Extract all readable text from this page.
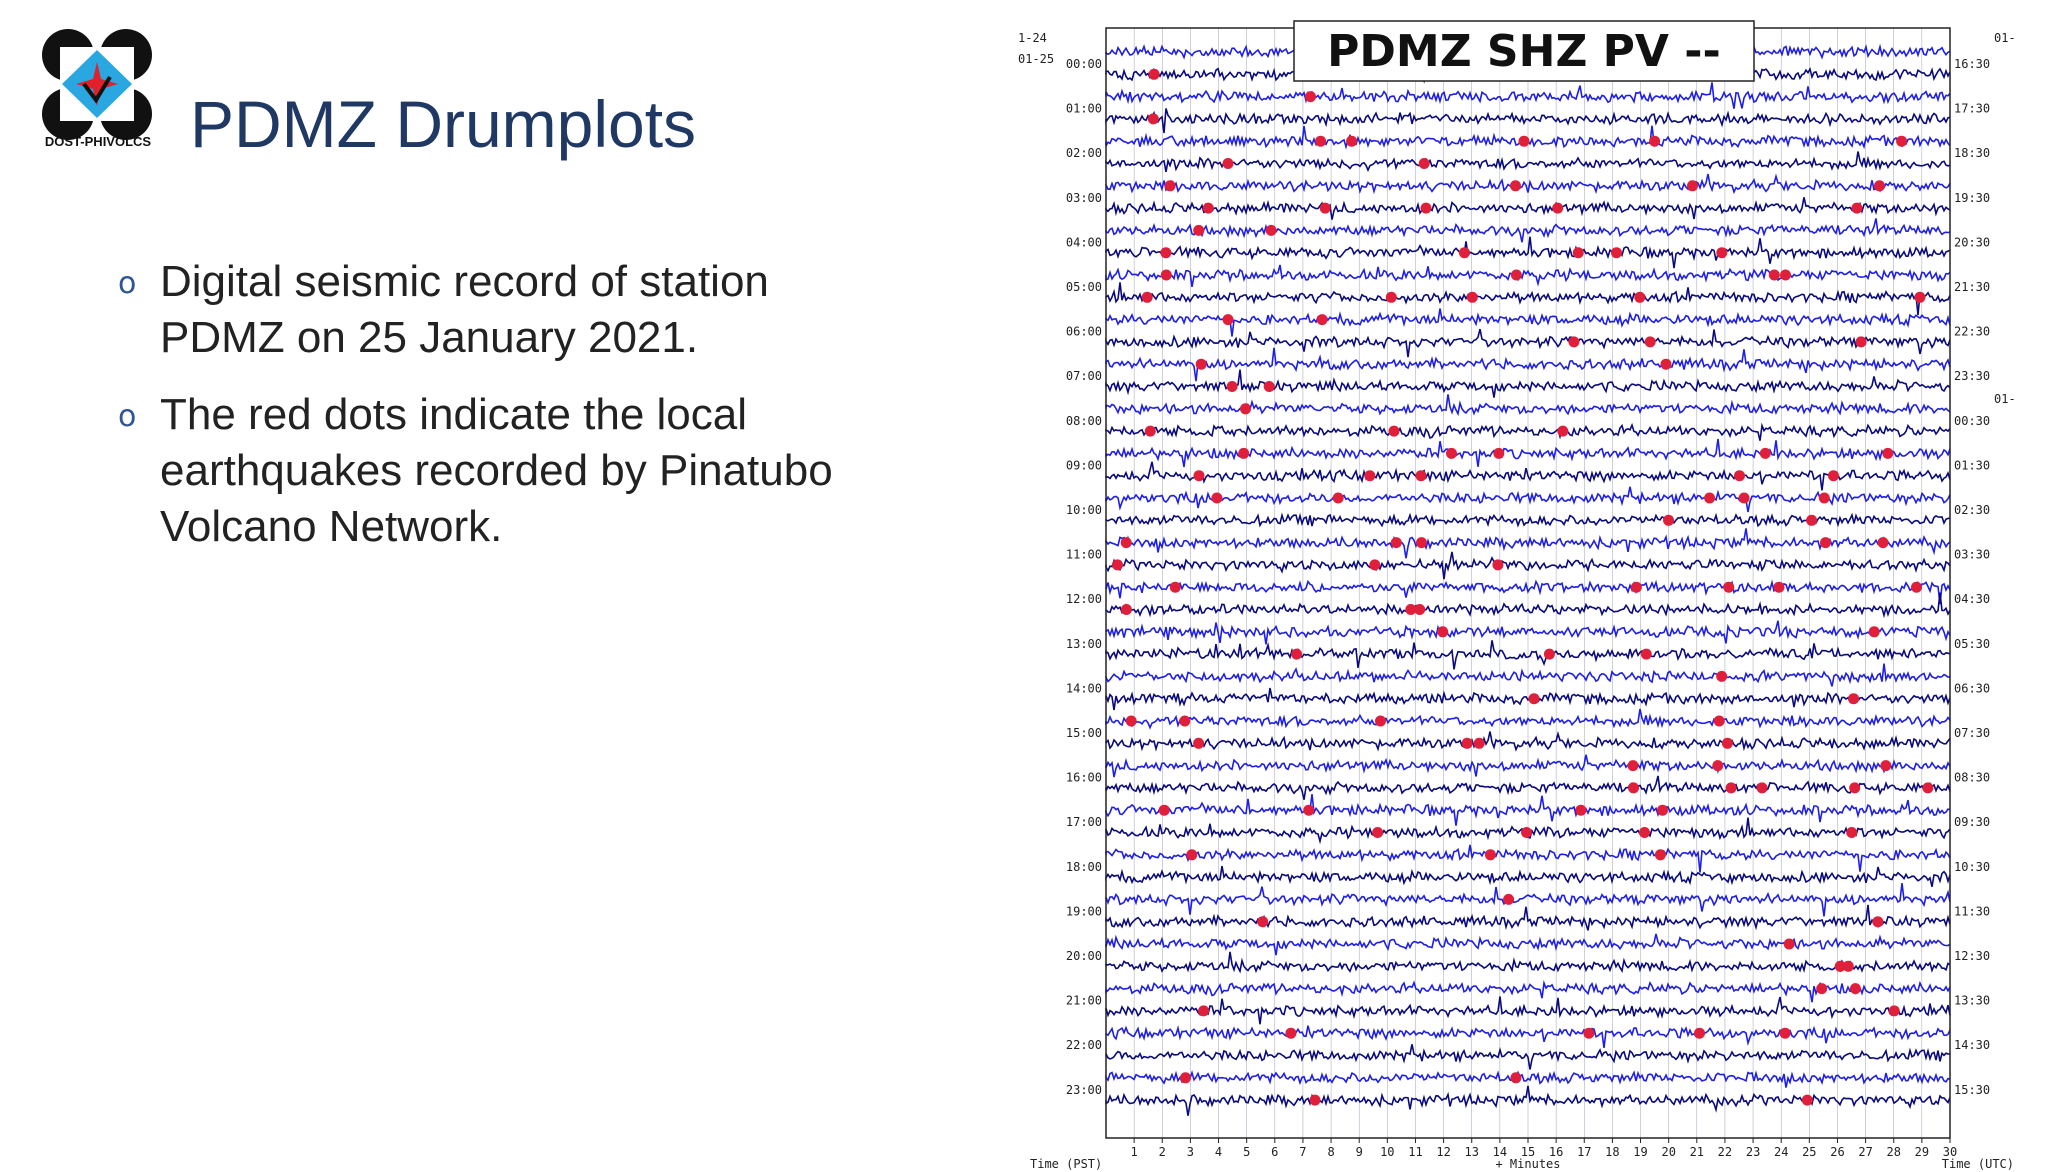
DOST-PHIVOLCS PDMZ Drumplots
o Digital seismic record of station PDMZ on 25 January 2021.
o The red dots indicate the local earthquakes recorded by Pinatubo Volcano Network.
00:00
01:00
02:00
03:00
04:00
05:00
06:00
07:00
08:00
09:00
10:00
11:00
12:00
13:00
14:00
15:00
16:00
17:00
18:00
19:00
20:00
21:00
22:00
23:00
16:30
17:30
18:30
19:30
20:30
21:30
22:30
23:30
00:30
01:30
02:30
03:30
04:30
05:30
06:30
07:30
08:30
09:30
10:30
11:30
12:30
13:30
14:30
15:30
1 2 3 4 5 6 7 8 9 10 11 12 13 14 15 16 17 18 19 20 21 22 23 24 25 26 27 28 29 30
1-24
01-25
01-
01-
PDMZ SHZ PV --
Time (PST)	+ Minutes	Time (UTC)
